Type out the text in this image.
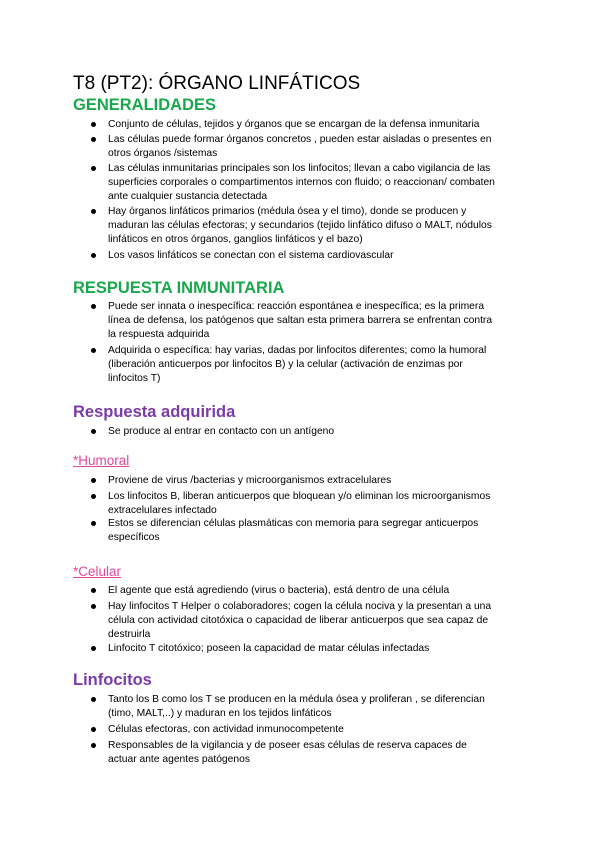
T8 (PT2): ÓRGANO LINFÁTICOS
GENERALIDADES
Conjunto de células, tejidos y órganos que se encargan de la defensa inmunitaria
Las células puede formar órganos concretos , pueden estar aisladas o presentes en
otros órganos /sistemas
Las células inmunitarias principales son los linfocitos; llevan a cabo vigilancia de las
superficies corporales o compartimentos internos con fluido; o reaccionan/ combaten
ante cualquier sustancia detectada
Hay órganos linfáticos primarios (médula ósea y el timo), donde se producen y
maduran las células efectoras; y secundarios (tejido linfático difuso o MALT, nódulos
linfáticos en otros órganos, ganglios linfáticos y el bazo)
Los vasos linfáticos se conectan con el sistema cardiovascular
RESPUESTA INMUNITARIA
Puede ser innata o inespecífica: reacción espontánea e inespecífica; es la primera
línea de defensa, los patógenos que saltan esta primera barrera se enfrentan contra
la respuesta adquirida
Adquirida o específica: hay varias, dadas por linfocitos diferentes; como la humoral
(liberación anticuerpos por linfocitos B) y la celular (activación de enzimas por
linfocitos T)
Respuesta adquirida
Se produce al entrar en contacto con un antígeno
*Humoral
Proviene de virus /bacterias y microorganismos extracelulares
Los linfocitos B, liberan anticuerpos que bloquean y/o eliminan los microorganismos
extracelulares infectado
Estos se diferencian células plasmáticas con memoria para segregar anticuerpos
específicos
*Celular
El agente que está agrediendo (virus o bacteria), está dentro de una célula
Hay linfocitos T Helper o colaboradores; cogen la célula nociva y la presentan a una
célula con actividad citotóxica o capacidad de liberar anticuerpos que sea capaz de
destruirla
Linfocito T citotóxico; poseen la capacidad de matar células infectadas
Linfocitos
Tanto los B como los T se producen en la médula ósea y proliferan , se diferencian
(timo, MALT,..) y maduran en los tejidos linfáticos
Células efectoras, con actividad inmunocompetente
Responsables de la vigilancia y de poseer esas células de reserva capaces de
actuar ante agentes patógenos
